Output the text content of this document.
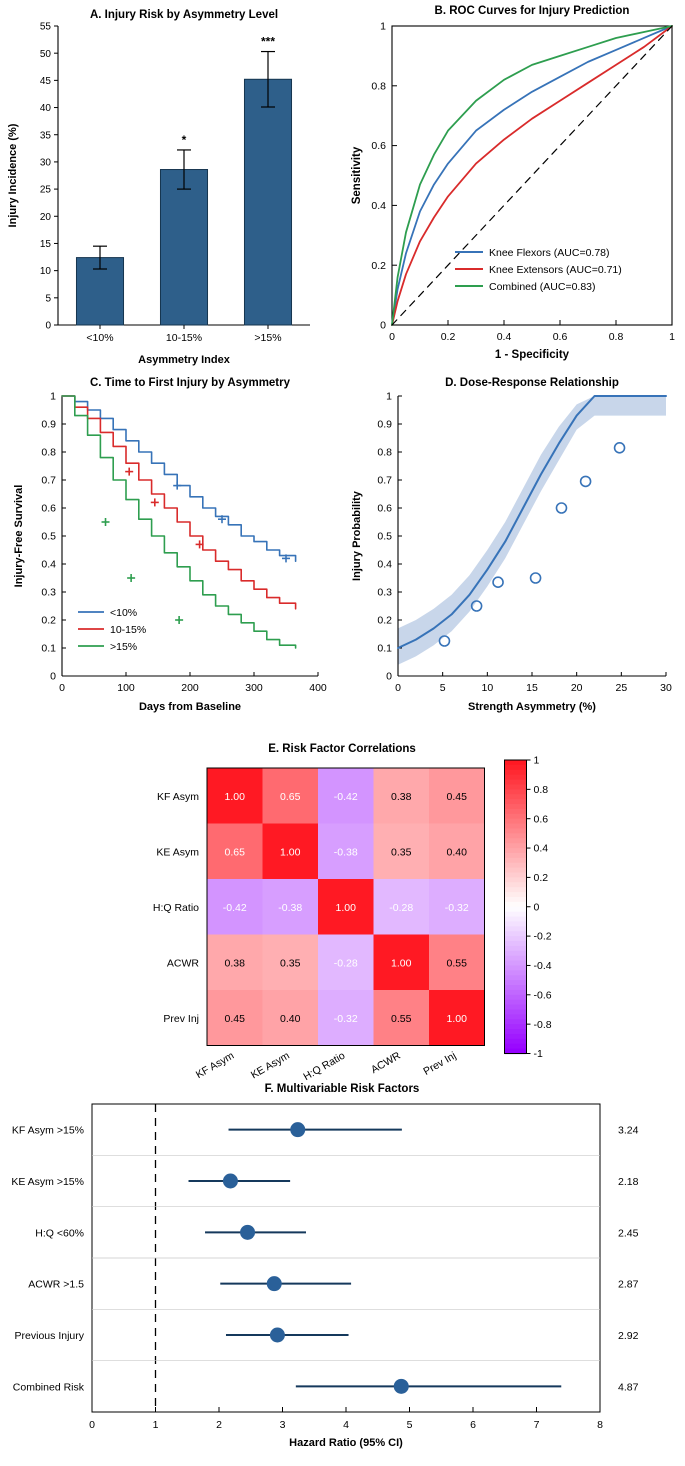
A. Injury Risk by Asymmetry Level
0
5
10
15
20
25
30
35
40
45
50
55
Injury Incidence (%)
Asymmetry Index
<10%
*
10-15%
***
>15%
B. ROC Curves for Injury Prediction
0	0.2	0.4	0.6	0.8	1
0
0.2
0.4
0.6
0.8
1
1 - Specificity
Sensitivity
Knee Flexors (AUC=0.78)
Knee Extensors (AUC=0.71)
Combined (AUC=0.83)
C. Time to First Injury by Asymmetry
0	100	200	300	400
0
0.1
0.2
0.3
0.4
0.5
0.6
0.7
0.8
0.9
1
Days from Baseline
Injury-Free Survival
<10%
10-15%
>15%
D. Dose-Response Relationship
0	5	10	15	20	25	30
0
0.1
0.2
0.3
0.4
0.5
0.6
0.7
0.8
0.9
1
Strength Asymmetry (%)
Injury Probability
E. Risk Factor Correlations
1.00	0.65	-0.42	0.38	0.45
0.65	1.00	-0.38	0.35	0.40
-0.42	-0.38	1.00	-0.28	-0.32
0.38	0.35	-0.28	1.00	0.55
0.45	0.40	-0.32	0.55	1.00
KF Asym
KE Asym
H:Q Ratio
ACWR
Prev Inj
KF Asym KE Asym H:Q Ratio ACWR Prev Inj
1
0.8
0.6
0.4
0.2
0
-0.2
-0.4
-0.6
-0.8
-1
F. Multivariable Risk Factors
0	1	2	3	4	5	6	7	8
Hazard Ratio (95% CI)
KF Asym >15%	3.24
KE Asym >15%	2.18
H:Q <60%	2.45
ACWR >1.5	2.87
Previous Injury	2.92
Combined Risk	4.87
